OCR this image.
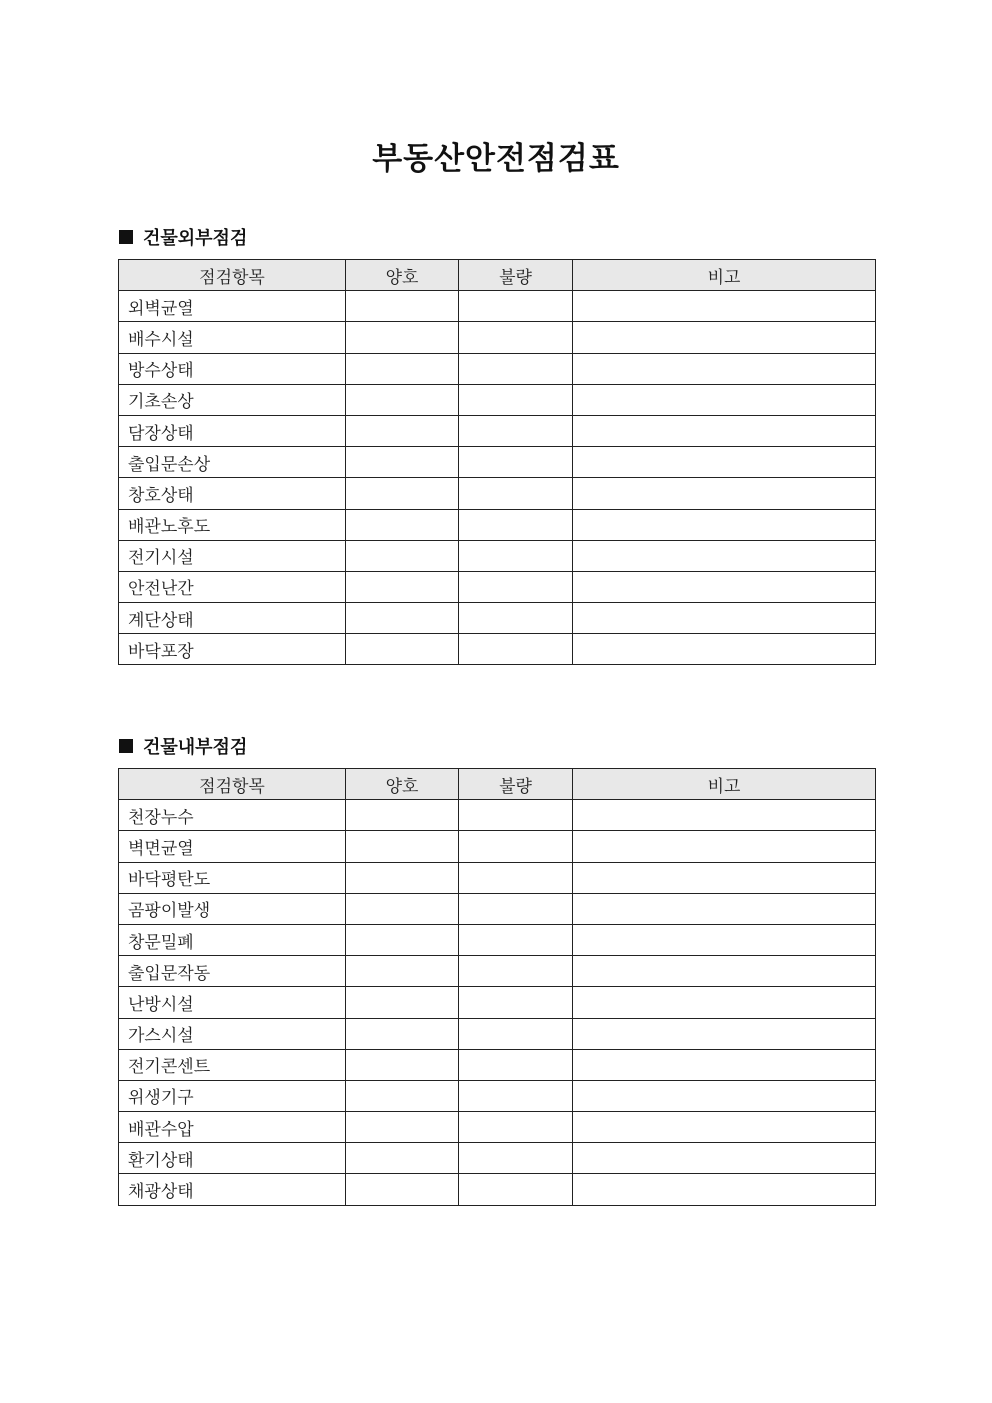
부동산안전점검표
건물외부점검
점검항목	양호	불량	비고
외벽균열			
배수시설			
방수상태			
기초손상			
담장상태			
출입문손상			
창호상태			
배관노후도			
전기시설			
안전난간			
계단상태			
바닥포장			
건물내부점검
점검항목	양호	불량	비고
천장누수			
벽면균열			
바닥평탄도			
곰팡이발생			
창문밀폐			
출입문작동			
난방시설			
가스시설			
전기콘센트			
위생기구			
배관수압			
환기상태			
채광상태			
